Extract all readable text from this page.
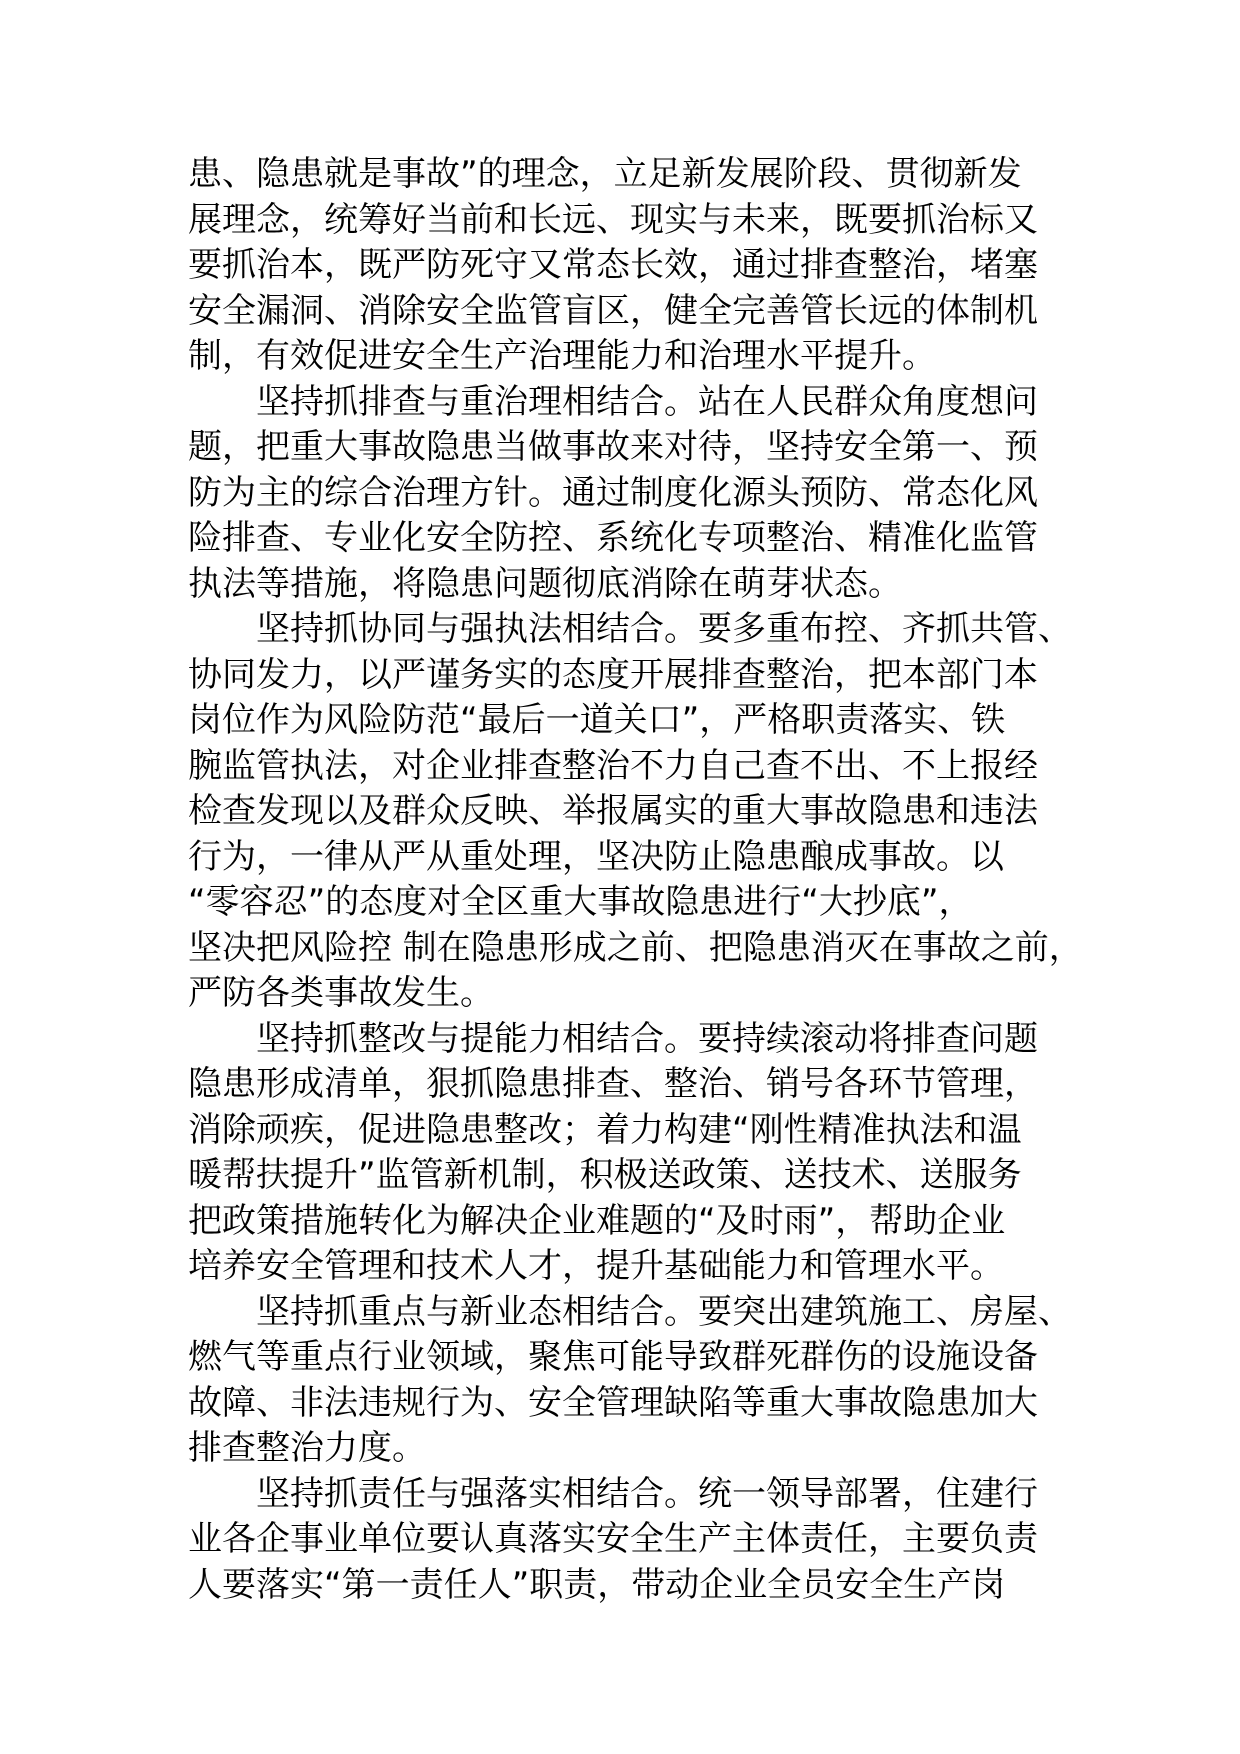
患、隐患就是事故”的理念，立足新发展阶段、贯彻新发
展理念，统筹好当前和长远、现实与未来，既要抓治标又
要抓治本，既严防死守又常态长效，通过排查整治，堵塞
安全漏洞、消除安全监管盲区，健全完善管长远的体制机
制，有效促进安全生产治理能力和治理水平提升。
　　坚持抓排查与重治理相结合。站在人民群众角度想问
题，把重大事故隐患当做事故来对待，坚持安全第一、预
防为主的综合治理方针。通过制度化源头预防、常态化风
险排查、专业化安全防控、系统化专项整治、精准化监管
执法等措施，将隐患问题彻底消除在萌芽状态。
　　坚持抓协同与强执法相结合。要多重布控、齐抓共管、
协同发力，以严谨务实的态度开展排查整治，把本部门本
岗位作为风险防范“最后一道关口”，严格职责落实、铁
腕监管执法，对企业排查整治不力自己查不出、不上报经
检查发现以及群众反映、举报属实的重大事故隐患和违法
行为，一律从严从重处理，坚决防止隐患酿成事故。以
“零容忍”的态度对全区重大事故隐患进行“大抄底”，
坚决把风险控 制在隐患形成之前、把隐患消灭在事故之前，
严防各类事故发生。
　　坚持抓整改与提能力相结合。要持续滚动将排查问题
隐患形成清单，狠抓隐患排查、整治、销号各环节管理，
消除顽疾，促进隐患整改；着力构建“刚性精准执法和温
暖帮扶提升”监管新机制，积极送政策、送技术、送服务
把政策措施转化为解决企业难题的“及时雨”，帮助企业
培养安全管理和技术人才，提升基础能力和管理水平。
　　坚持抓重点与新业态相结合。要突出建筑施工、房屋、
燃气等重点行业领域，聚焦可能导致群死群伤的设施设备
故障、非法违规行为、安全管理缺陷等重大事故隐患加大
排查整治力度。
　　坚持抓责任与强落实相结合。统一领导部署，住建行
业各企事业单位要认真落实安全生产主体责任，主要负责
人要落实“第一责任人”职责，带动企业全员安全生产岗
